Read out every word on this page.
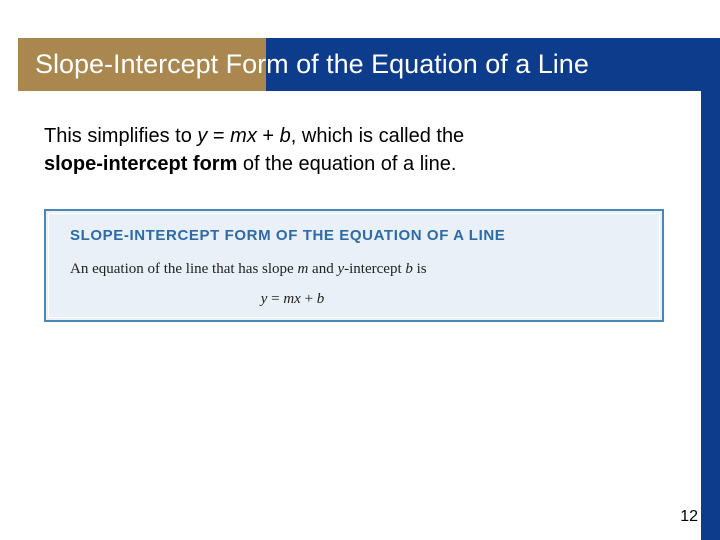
Slope-Intercept Form of the Equation of a Line
This simplifies to y = mx + b, which is called the
slope-intercept form of the equation of a line.
SLOPE-INTERCEPT FORM OF THE EQUATION OF A LINE
An equation of the line that has slope m and y-intercept b is
y = mx + b
12
